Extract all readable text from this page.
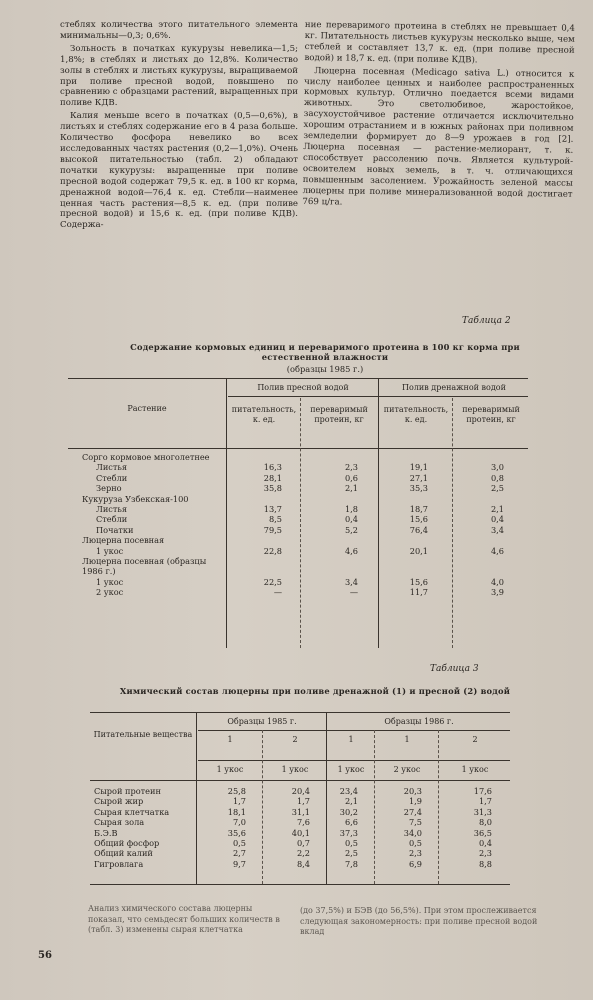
стеблях количества этого питательного элемента минимальны—0,3; 0,6%.

Зольность в початках кукурузы невелика—1,5; 1,8%; в стеблях и листьях до 12,8%. Количество золы в стеблях и листьях кукурузы, выращиваемой при поливе пресной водой, повышено по сравнению с образцами растений, выращенных при поливе КДВ.

Калия меньше всего в початках (0,5—0,6%), в листьях и стеблях содержание его в 4 раза больше. Количество фосфора невелико во всех исследованных частях растения (0,2—1,0%). Очень высокой питательностью (табл. 2) обладают початки кукурузы: выращенные при поливе пресной водой содержат 79,5 к. ед. в 100 кг корма, дренажной водой—76,4 к. ед. Стебли—наименее ценная часть растения—8,5 к. ед. (при поливе пресной водой) и 15,6 к. ед. (при поливе КДВ). Содержа-

ние переваримого протеина в стеблях не превышает 0,4 кг. Питательность листьев кукурузы несколько выше, чем стеблей и составляет 13,7 к. ед. (при поливе пресной водой) и 18,7 к. ед. (при поливе КДВ).

Люцерна посевная (Medicago sativa L.) относится к числу наиболее ценных и наиболее распространенных кормовых культур. Отлично поедается всеми видами животных. Это светолюбивое, жаростойкое, засухоустойчивое растение отличается исключительно хорошим отрастанием и в южных районах при поливном земледелии формирует до 8—9 урожаев в год [2]. Люцерна посевная — растение-мелиорант, т. к. способствует рассолению почв. Является культурой-освоителем новых земель, в т. ч. отличающихся повышенным засолением. Урожайность зеленой массы люцерны при поливе минерализованной водой достигает 769 ц/га.

Таблица 2
Содержание кормовых единиц и переваримого протеина в 100 кг корма при естественной влажности
(образцы 1985 г.)
Растение
Полив пресной водой	Полив дренажной водой
питательность, к. ед.
переваримый протеин, кг
питательность, к. ед.
переваримый протеин, кг
Сорго кормовое многолетнее				
Листья	16,3	2,3	19,1	3,0
Стебли	28,1	0,6	27,1	0,8
Зерно	35,8	2,1	35,3	2,5
Кукуруза Узбекская-100				
Листья	13,7	1,8	18,7	2,1
Стебли	8,5	0,4	15,6	0,4
Початки	79,5	5,2	76,4	3,4
Люцерна посевная				
1 укос	22,8	4,6	20,1	4,6
Люцерна посевная (образцы 1986 г.)				
1 укос	22,5	3,4	15,6	4,0
2 укос	—	—	11,7	3,9
Таблица 3
Химический состав люцерны при поливе дренажной (1) и пресной (2) водой
Питательные вещества
Образцы 1985 г.	Образцы 1986 г.
1	2	1	1	2
1 укос	1 укос	1 укос	2 укос	1 укос
Сырой протеин	25,8	20,4	23,4	20,3	17,6
Сырой жир	1,7	1,7	2,1	1,9	1,7
Сырая клетчатка	18,1	31,1	30,2	27,4	31,3
Сырая зола	7,0	7,6	6,6	7,5	8,0
Б.Э.В	35,6	40,1	37,3	34,0	36,5
Общий фосфор	0,5	0,7	0,5	0,5	0,4
Общий калий	2,7	2,2	2,5	2,3	2,3
Гигровлага	9,7	8,4	7,8	6,9	8,8
Анализ химического состава люцерны показал, что семьдесят больших количеств в (табл. 3) изменены сырая клетчатка
(до 37,5%) и БЭВ (до 56,5%). При этом прослеживается следующая закономерность: при поливе пресной водой вклад
56
